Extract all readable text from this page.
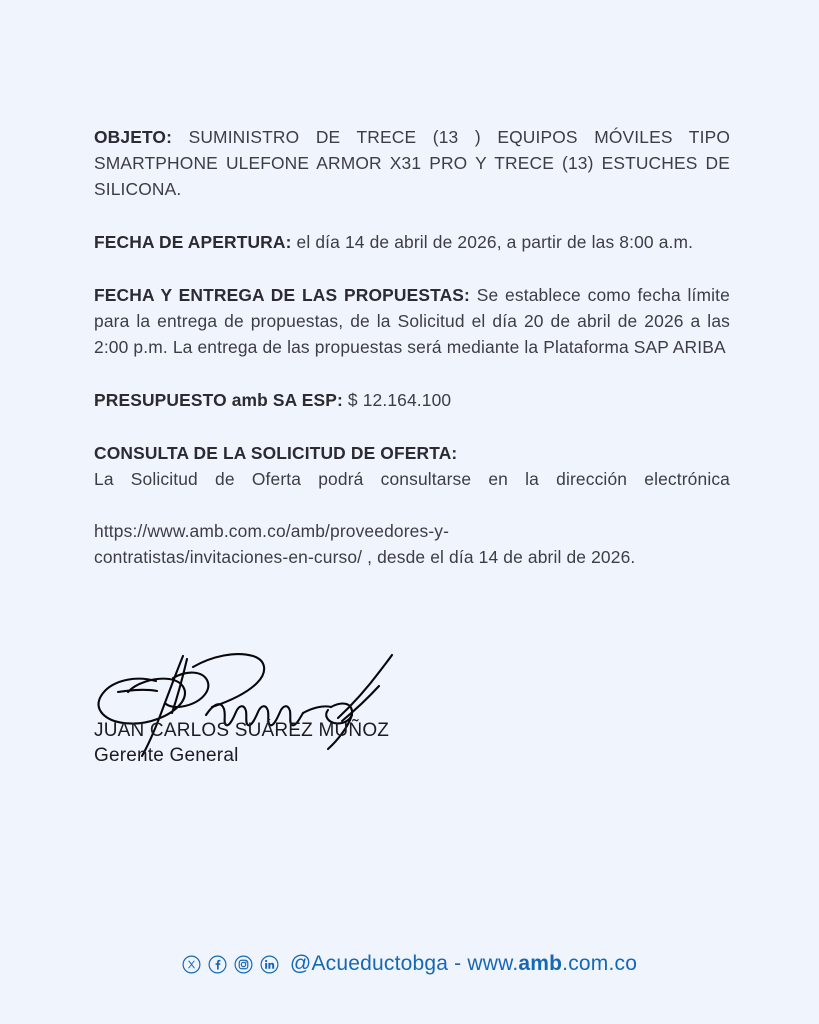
OBJETO: SUMINISTRO DE TRECE (13 ) EQUIPOS MÓVILES TIPO SMARTPHONE ULEFONE ARMOR X31 PRO Y TRECE (13) ESTUCHES DE SILICONA.

FECHA DE APERTURA: el día 14 de abril de 2026, a partir de las 8:00 a.m.

FECHA Y ENTREGA DE LAS PROPUESTAS: Se establece como fecha límite para la entrega de propuestas, de la Solicitud el día 20 de abril de 2026 a las 2:00 p.m. La entrega de las propuestas será mediante la Plataforma SAP ARIBA

PRESUPUESTO amb SA ESP: $ 12.164.100

CONSULTA DE LA SOLICITUD DE OFERTA:
La Solicitud de Oferta podrá consultarse en la dirección electrónica
https://www.amb.com.co/amb/proveedores-y-
contratistas/invitaciones-en-curso/ , desde el día 14 de abril de 2026.

JUAN CARLOS SUÁREZ MUÑOZ

Gerente General

@Acueductobga - www.amb.com.co
